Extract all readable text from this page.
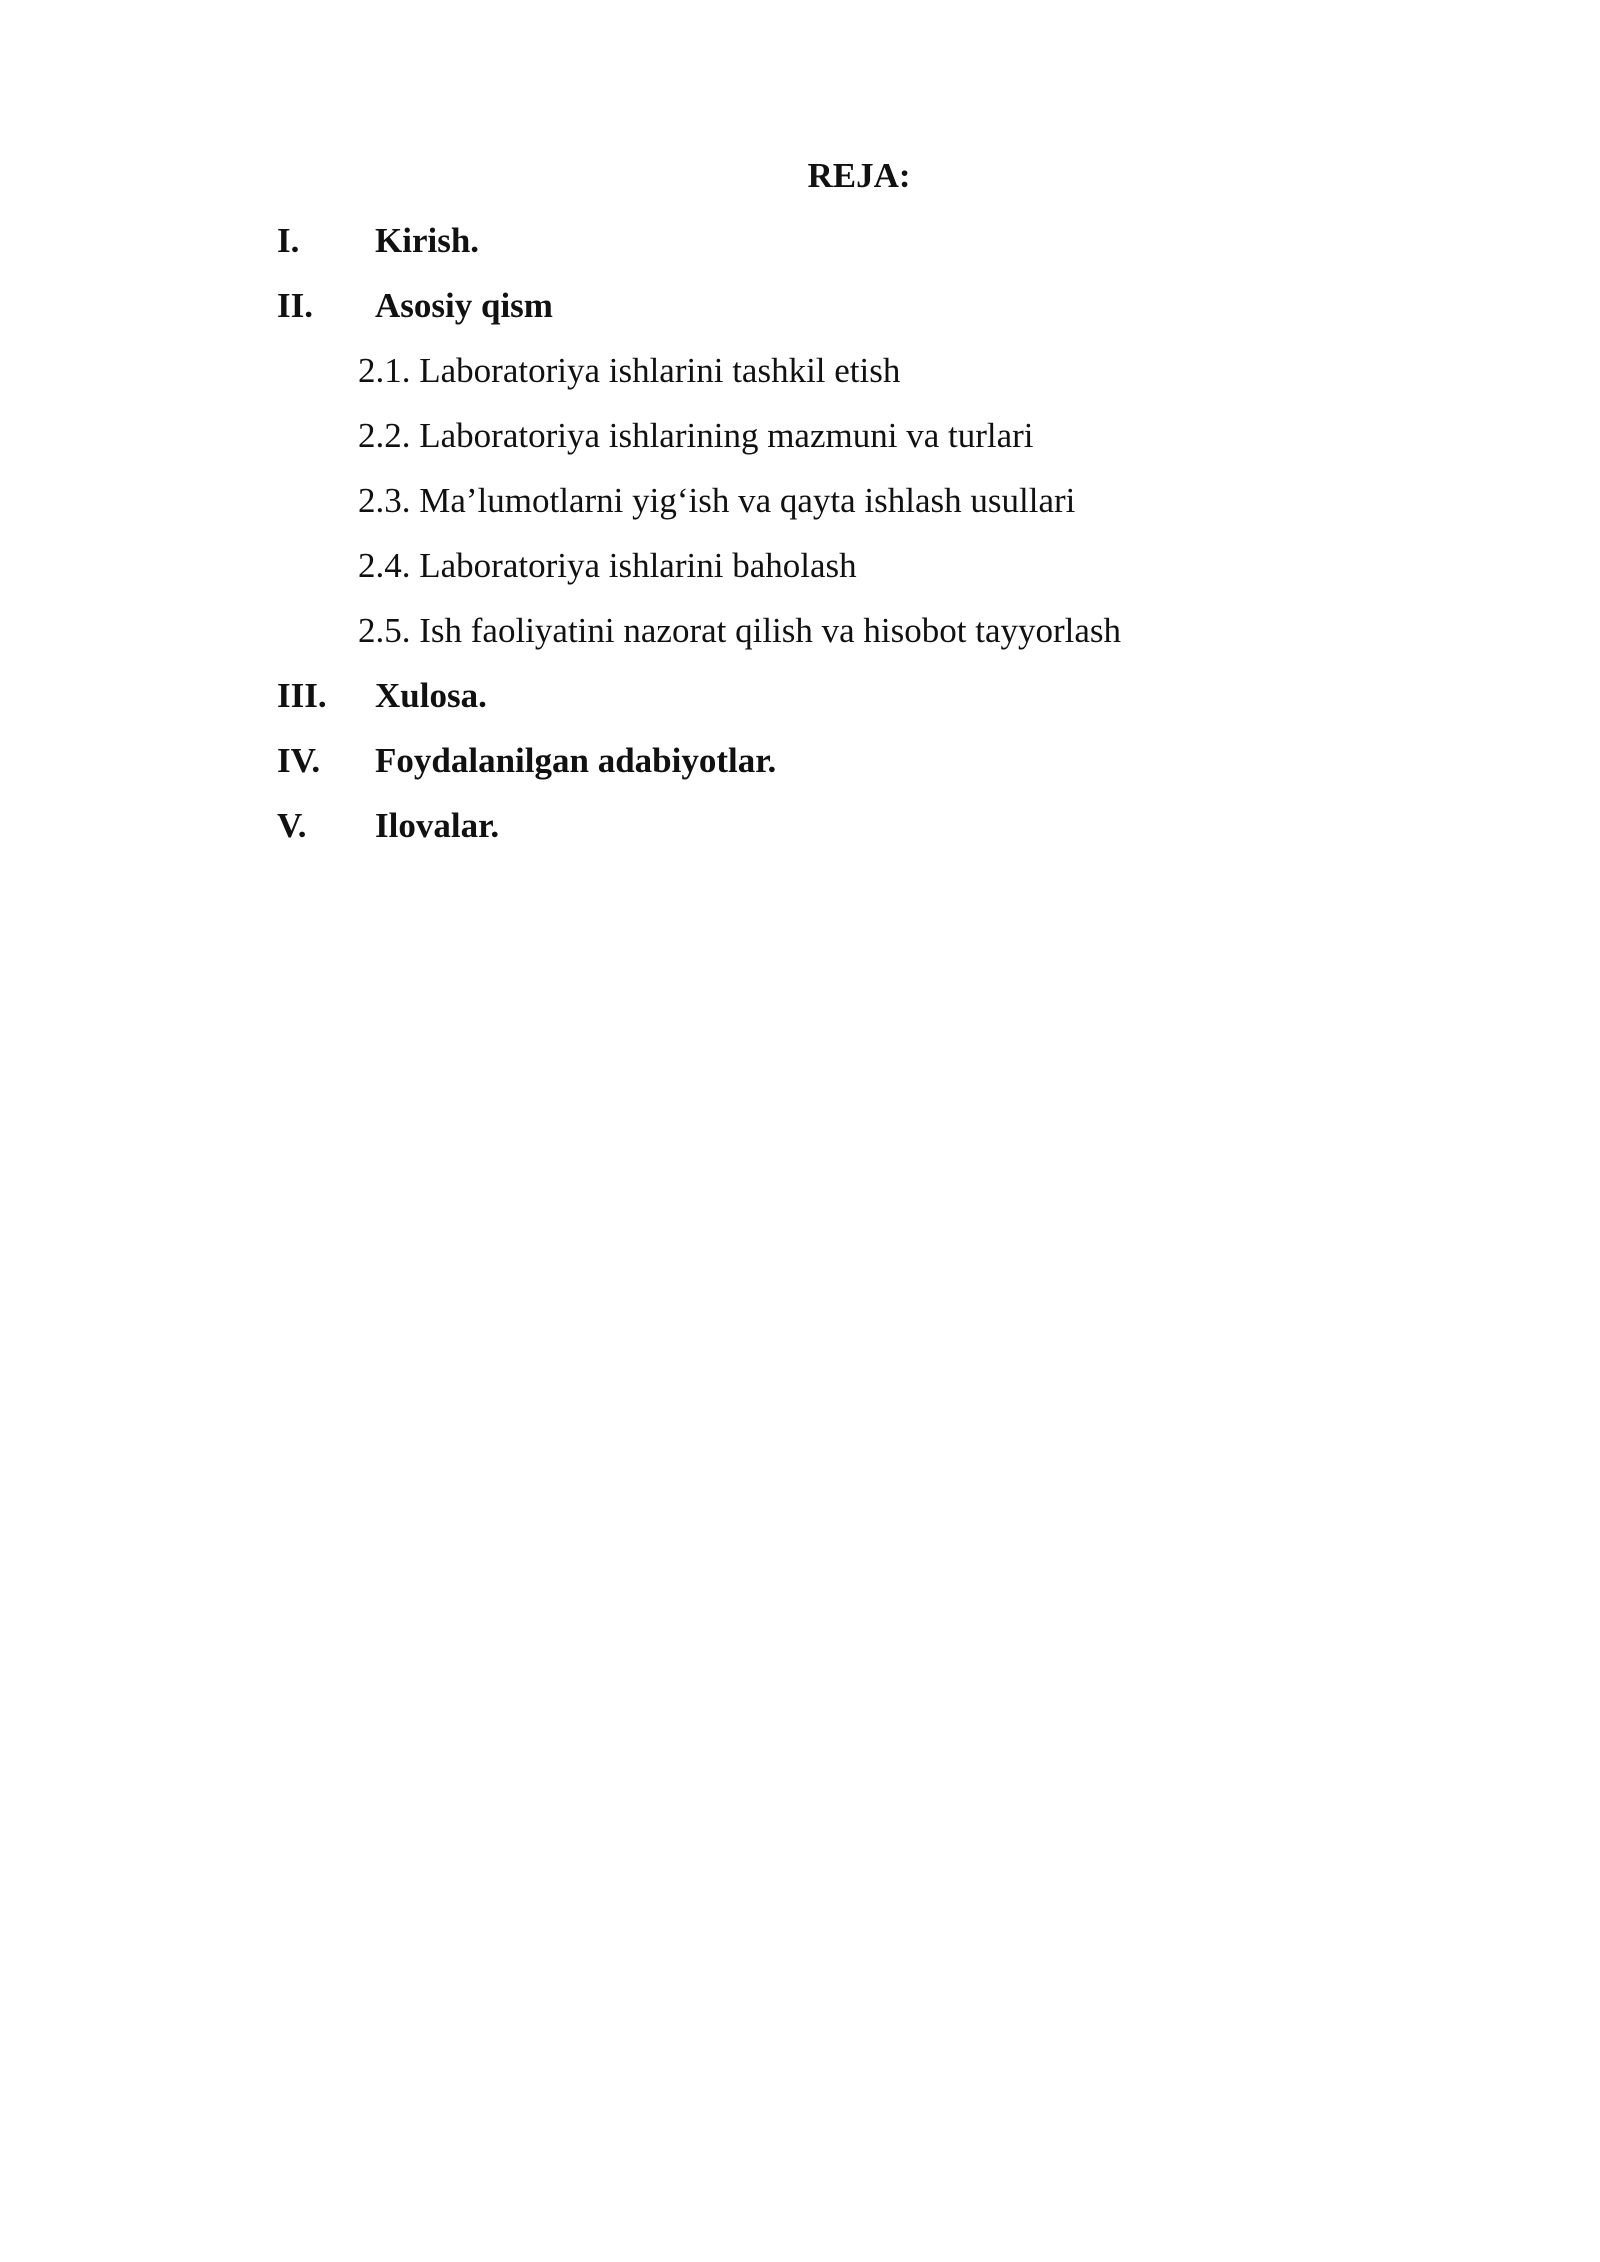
REJA:
I. Kirish.
II. Asosiy qism
2.1. Laboratoriya ishlarini tashkil etish
2.2. Laboratoriya ishlarining mazmuni va turlari
2.3. Ma’lumotlarni yig‘ish va qayta ishlash usullari
2.4. Laboratoriya ishlarini baholash
2.5. Ish faoliyatini nazorat qilish va hisobot tayyorlash
III. Xulosa.
IV. Foydalanilgan adabiyotlar.
V. Ilovalar.
